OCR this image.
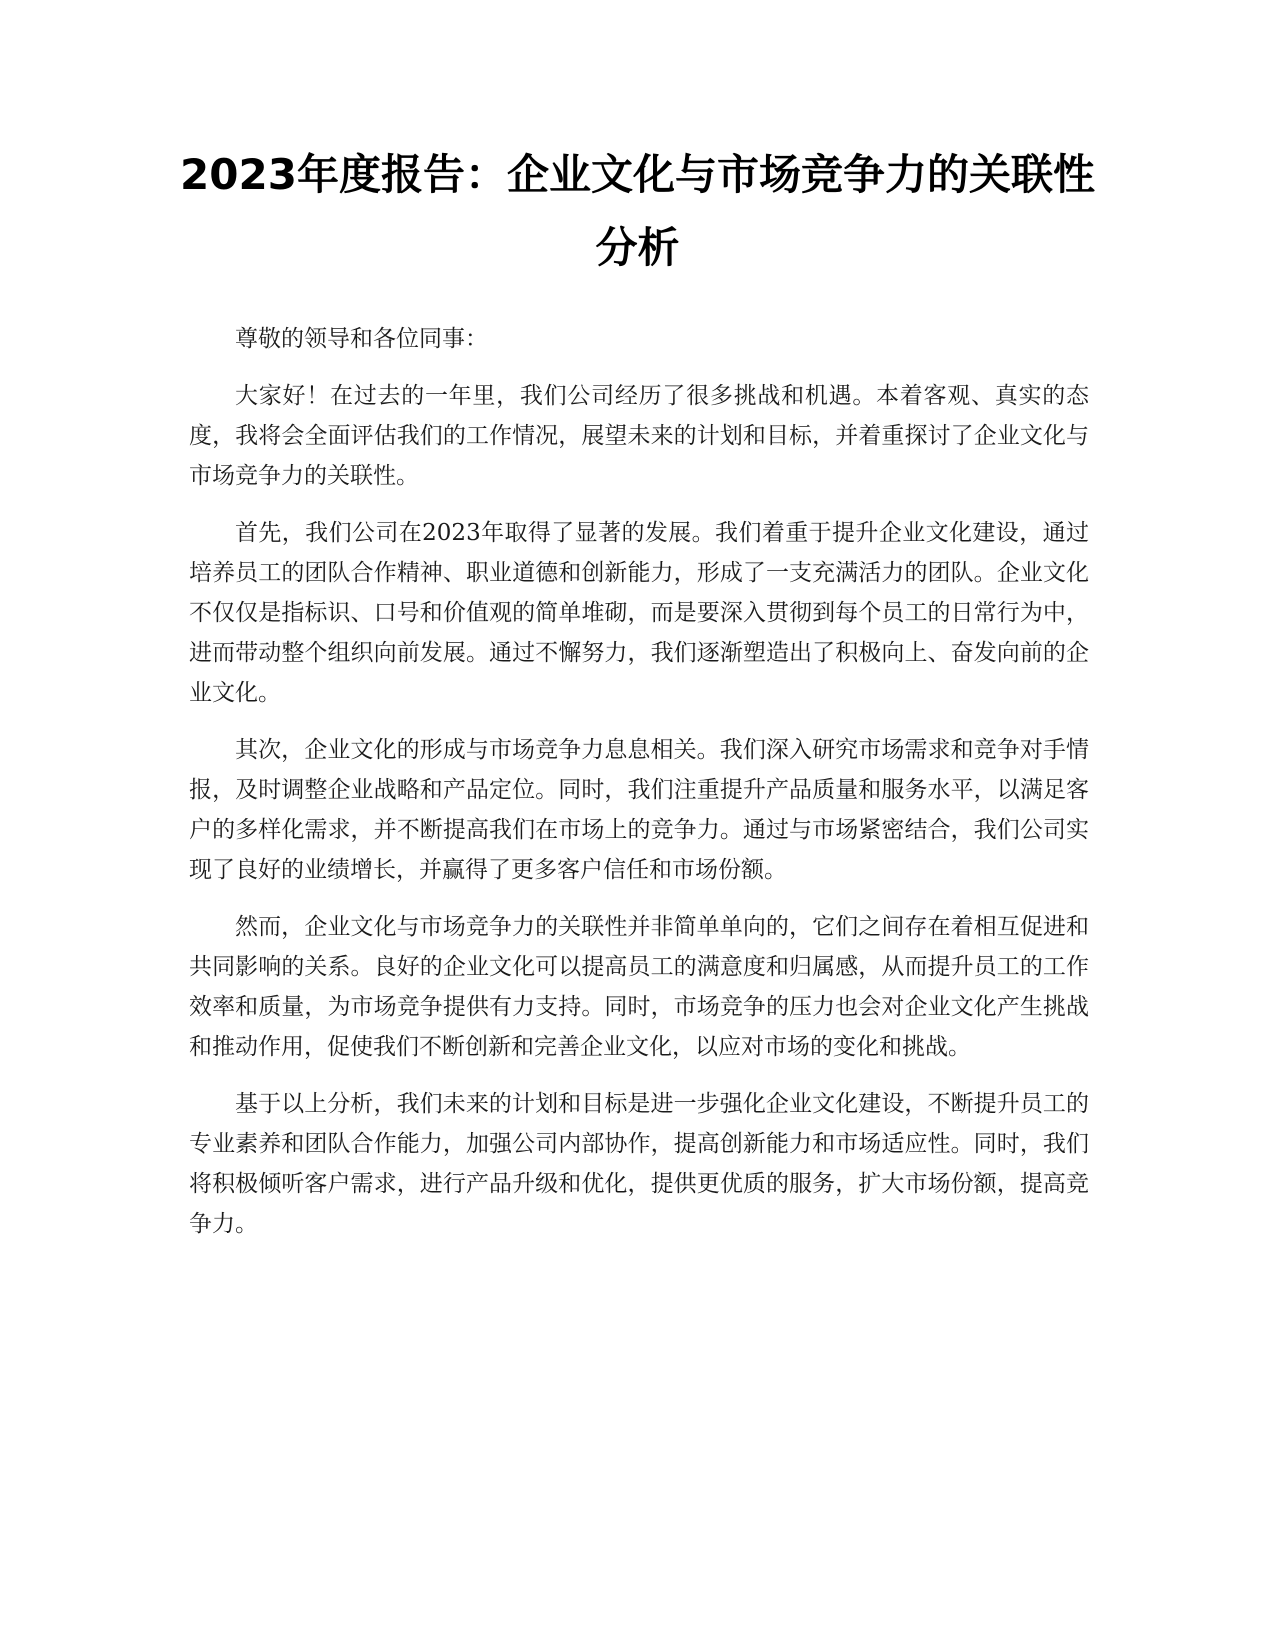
2023年度报告：企业文化与市场竞争力的关联性分析

尊敬的领导和各位同事：

大家好！在过去的一年里，我们公司经历了很多挑战和机遇。本着客观、真实的态度，我将会全面评估我们的工作情况，展望未来的计划和目标，并着重探讨了企业文化与市场竞争力的关联性。

首先，我们公司在2023年取得了显著的发展。我们着重于提升企业文化建设，通过培养员工的团队合作精神、职业道德和创新能力，形成了一支充满活力的团队。企业文化不仅仅是指标识、口号和价值观的简单堆砌，而是要深入贯彻到每个员工的日常行为中，进而带动整个组织向前发展。通过不懈努力，我们逐渐塑造出了积极向上、奋发向前的企业文化。

其次，企业文化的形成与市场竞争力息息相关。我们深入研究市场需求和竞争对手情报，及时调整企业战略和产品定位。同时，我们注重提升产品质量和服务水平，以满足客户的多样化需求，并不断提高我们在市场上的竞争力。通过与市场紧密结合，我们公司实现了良好的业绩增长，并赢得了更多客户信任和市场份额。

然而，企业文化与市场竞争力的关联性并非简单单向的，它们之间存在着相互促进和共同影响的关系。良好的企业文化可以提高员工的满意度和归属感，从而提升员工的工作效率和质量，为市场竞争提供有力支持。同时，市场竞争的压力也会对企业文化产生挑战和推动作用，促使我们不断创新和完善企业文化，以应对市场的变化和挑战。

基于以上分析，我们未来的计划和目标是进一步强化企业文化建设，不断提升员工的专业素养和团队合作能力，加强公司内部协作，提高创新能力和市场适应性。同时，我们将积极倾听客户需求，进行产品升级和优化，提供更优质的服务，扩大市场份额，提高竞争力。
